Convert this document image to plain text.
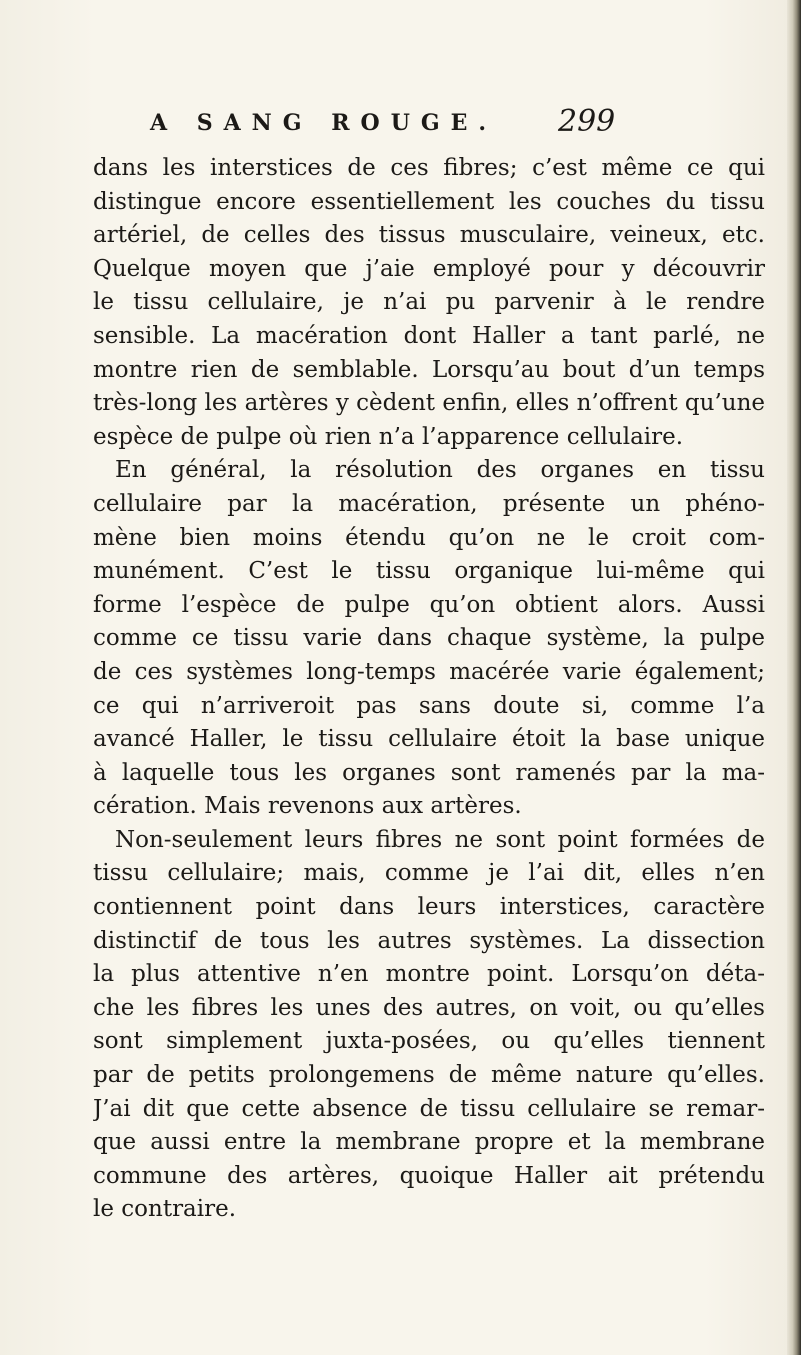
A SANG ROUGE. 299
dans les interstices de ces fibres; c’est même ce qui
distingue encore essentiellement les couches du tissu
artériel, de celles des tissus musculaire, veineux, etc.
Quelque moyen que j’aie employé pour y découvrir
le tissu cellulaire, je n’ai pu parvenir à le rendre
sensible. La macération dont Haller a tant parlé, ne
montre rien de semblable. Lorsqu’au bout d’un temps
très-long les artères y cèdent enfin, elles n’offrent qu’une
espèce de pulpe où rien n’a l’apparence cellulaire.
En général, la résolution des organes en tissu
cellulaire par la macération, présente un phéno-
mène bien moins étendu qu’on ne le croit com-
munément. C’est le tissu organique lui-même qui
forme l’espèce de pulpe qu’on obtient alors. Aussi
comme ce tissu varie dans chaque système, la pulpe
de ces systèmes long-temps macérée varie également;
ce qui n’arriveroit pas sans doute si, comme l’a
avancé Haller, le tissu cellulaire étoit la base unique
à laquelle tous les organes sont ramenés par la ma-
cération. Mais revenons aux artères.
Non-seulement leurs fibres ne sont point formées de
tissu cellulaire; mais, comme je l’ai dit, elles n’en
contiennent point dans leurs interstices, caractère
distinctif de tous les autres systèmes. La dissection
la plus attentive n’en montre point. Lorsqu’on déta-
che les fibres les unes des autres, on voit, ou qu’elles
sont simplement juxta-posées, ou qu’elles tiennent
par de petits prolongemens de même nature qu’elles.
J’ai dit que cette absence de tissu cellulaire se remar-
que aussi entre la membrane propre et la membrane
commune des artères, quoique Haller ait prétendu
le contraire.
